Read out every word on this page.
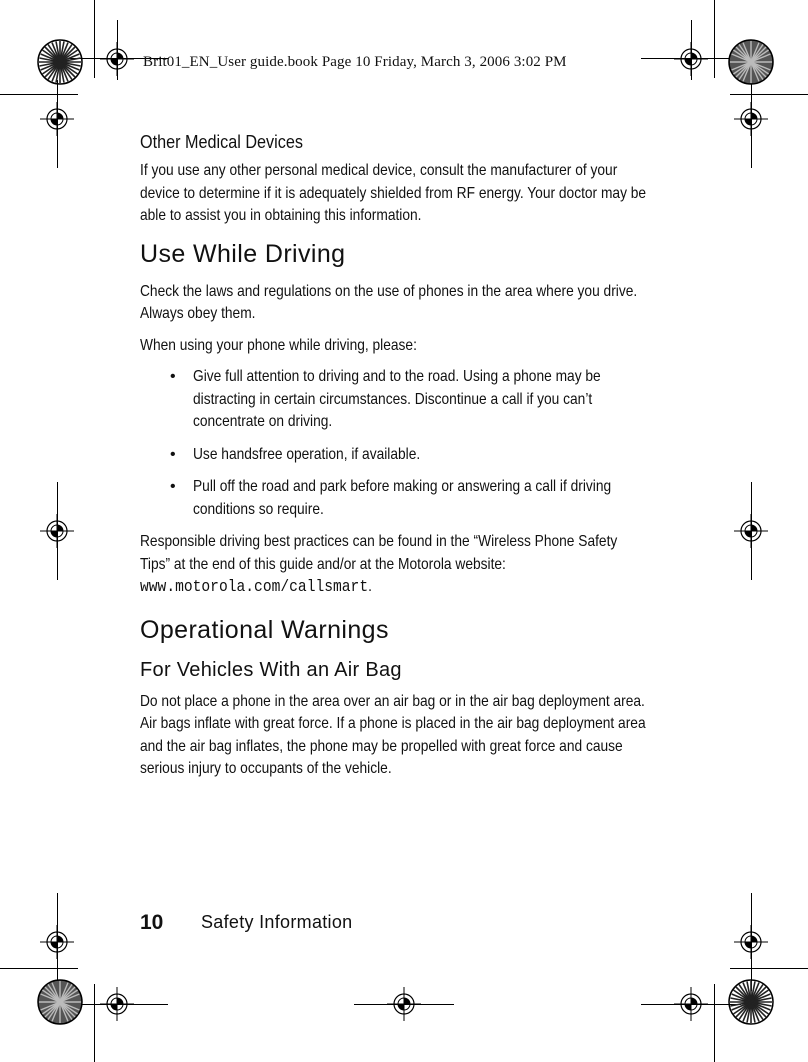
Brit01_EN_User guide.book Page 10 Friday, March 3, 2006 3:02 PM
Other Medical Devices

If you use any other personal medical device, consult the manufacturer of your device to determine if it is adequately shielded from RF energy. Your doctor may be able to assist you in obtaining this information.

Use While Driving

Check the laws and regulations on the use of phones in the area where you drive. Always obey them.

When using your phone while driving, please:

• Give full attention to driving and to the road. Using a phone may be distracting in certain circumstances. Discontinue a call if you can’t concentrate on driving.

• Use handsfree operation, if available.

• Pull off the road and park before making or answering a call if driving conditions so require.

Responsible driving best practices can be found in the “Wireless Phone Safety Tips” at the end of this guide and/or at the Motorola website: www.motorola.com/callsmart.

Operational Warnings
For Vehicles With an Air Bag

Do not place a phone in the area over an air bag or in the air bag deployment area. Air bags inflate with great force. If a phone is placed in the air bag deployment area and the air bag inflates, the phone may be propelled with great force and cause serious injury to occupants of the vehicle.

10 Safety Information
